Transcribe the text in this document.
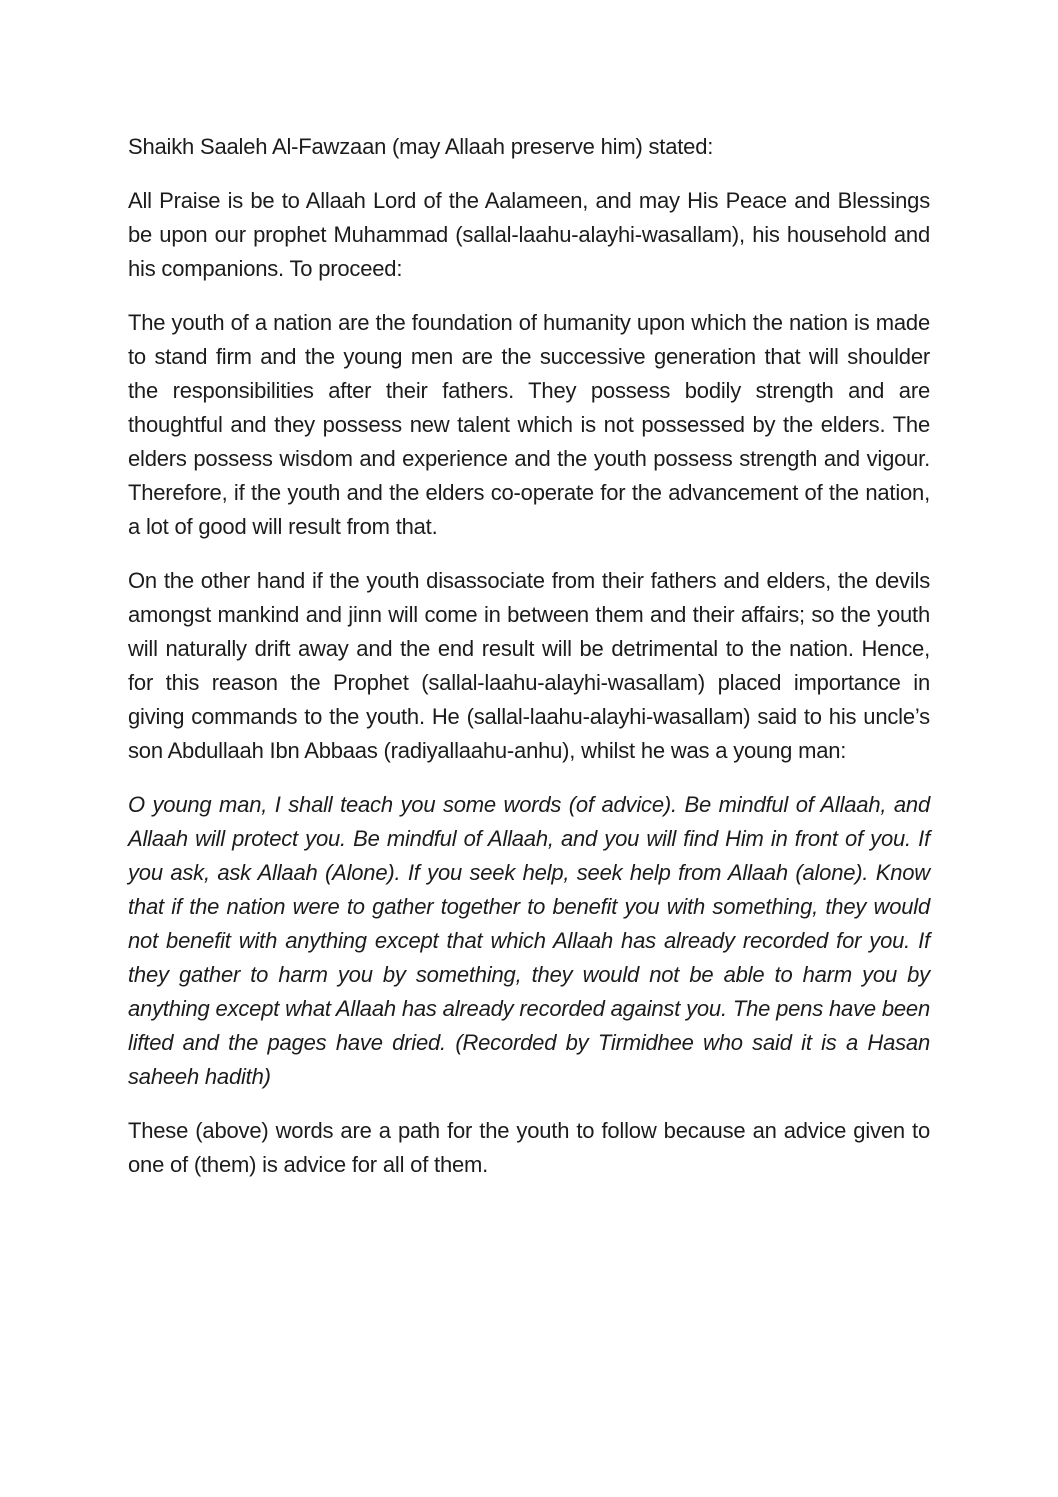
Shaikh Saaleh Al-Fawzaan (may Allaah preserve him) stated:

All Praise is be to Allaah Lord of the Aalameen, and may His Peace and Blessings be upon our prophet Muhammad (sallal-laahu-alayhi-wasallam), his household and his companions. To proceed:

The youth of a nation are the foundation of humanity upon which the nation is made to stand firm and the young men are the successive generation that will shoulder the responsibilities after their fathers. They possess bodily strength and are thoughtful and they possess new talent which is not possessed by the elders. The elders possess wisdom and experience and the youth possess strength and vigour. Therefore, if the youth and the elders co-operate for the advancement of the nation, a lot of good will result from that.

On the other hand if the youth disassociate from their fathers and elders, the devils amongst mankind and jinn will come in between them and their affairs; so the youth will naturally drift away and the end result will be detrimental to the nation. Hence, for this reason the Prophet (sallal-laahu-alayhi-wasallam) placed importance in giving commands to the youth. He (sallal-laahu-alayhi-wasallam) said to his uncle’s son Abdullaah Ibn Abbaas (radiyallaahu-anhu), whilst he was a young man:

O young man, I shall teach you some words (of advice). Be mindful of Allaah, and Allaah will protect you. Be mindful of Allaah, and you will find Him in front of you. If you ask, ask Allaah (Alone). If you seek help, seek help from Allaah (alone). Know that if the nation were to gather together to benefit you with something, they would not benefit with anything except that which Allaah has already recorded for you. If they gather to harm you by something, they would not be able to harm you by anything except what Allaah has already recorded against you. The pens have been lifted and the pages have dried. (Recorded by Tirmidhee who said it is a Hasan saheeh hadith)

These (above) words are a path for the youth to follow because an advice given to one of (them) is advice for all of them.
